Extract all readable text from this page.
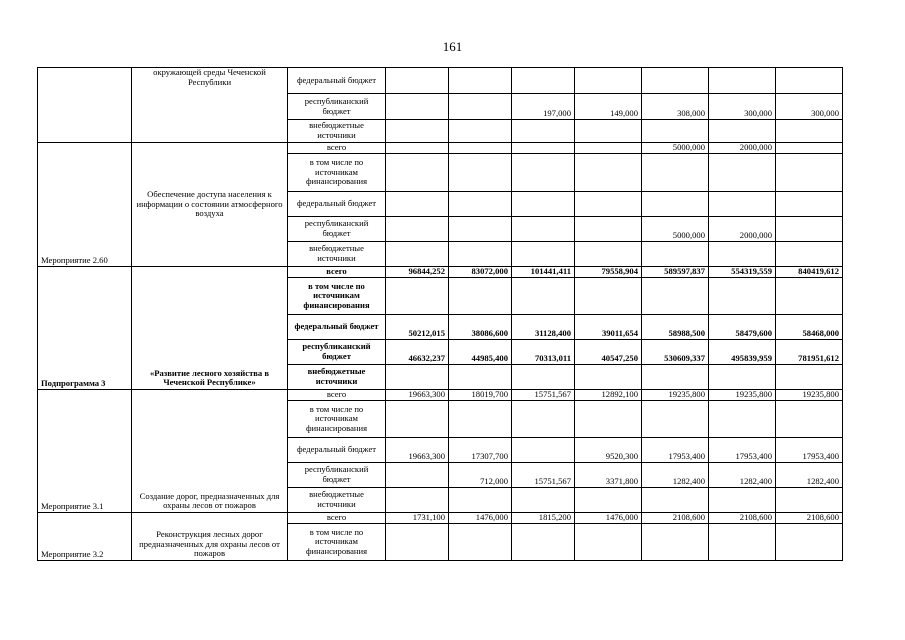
161
	окружающей среды Чеченской Республики	федеральный бюджет							
		республиканский бюджет			197,000	149,000	308,000	300,000	300,000
		внебюджетные источники							
Мероприятие 2.60	Обеспечение доступа населения к информации о состоянии атмосферного воздуха	всего					5000,000	2000,000	
		в том числе по источникам финансирования							
		федеральный бюджет							
		республиканский бюджет					5000,000	2000,000	
		внебюджетные источники							
Подпрограмма 3	«Развитие лесного хозяйства в Чеченской Республике»	всего	96844,252	83072,000	101441,411	79558,904	589597,837	554319,559	840419,612
		в том числе по источникам финансирования							
		федеральный бюджет	50212,015	38086,600	31128,400	39011,654	58988,500	58479,600	58468,000
		республиканский бюджет	46632,237	44985,400	70313,011	40547,250	530609,337	495839,959	781951,612
		внебюджетные источники							
Мероприятие 3.1	Создание дорог, предназначенных для охраны лесов от пожаров	всего	19663,300	18019,700	15751,567	12892,100	19235,800	19235,800	19235,800
		в том числе по источникам финансирования							
		федеральный бюджет	19663,300	17307,700		9520,300	17953,400	17953,400	17953,400
		республиканский бюджет		712,000	15751,567	3371,800	1282,400	1282,400	1282,400
		внебюджетные источники							
Мероприятие 3.2	Реконструкция лесных дорог предназначенных для охраны лесов от пожаров	всего	1731,100	1476,000	1815,200	1476,000	2108,600	2108,600	2108,600
		в том числе по источникам финансирования							
